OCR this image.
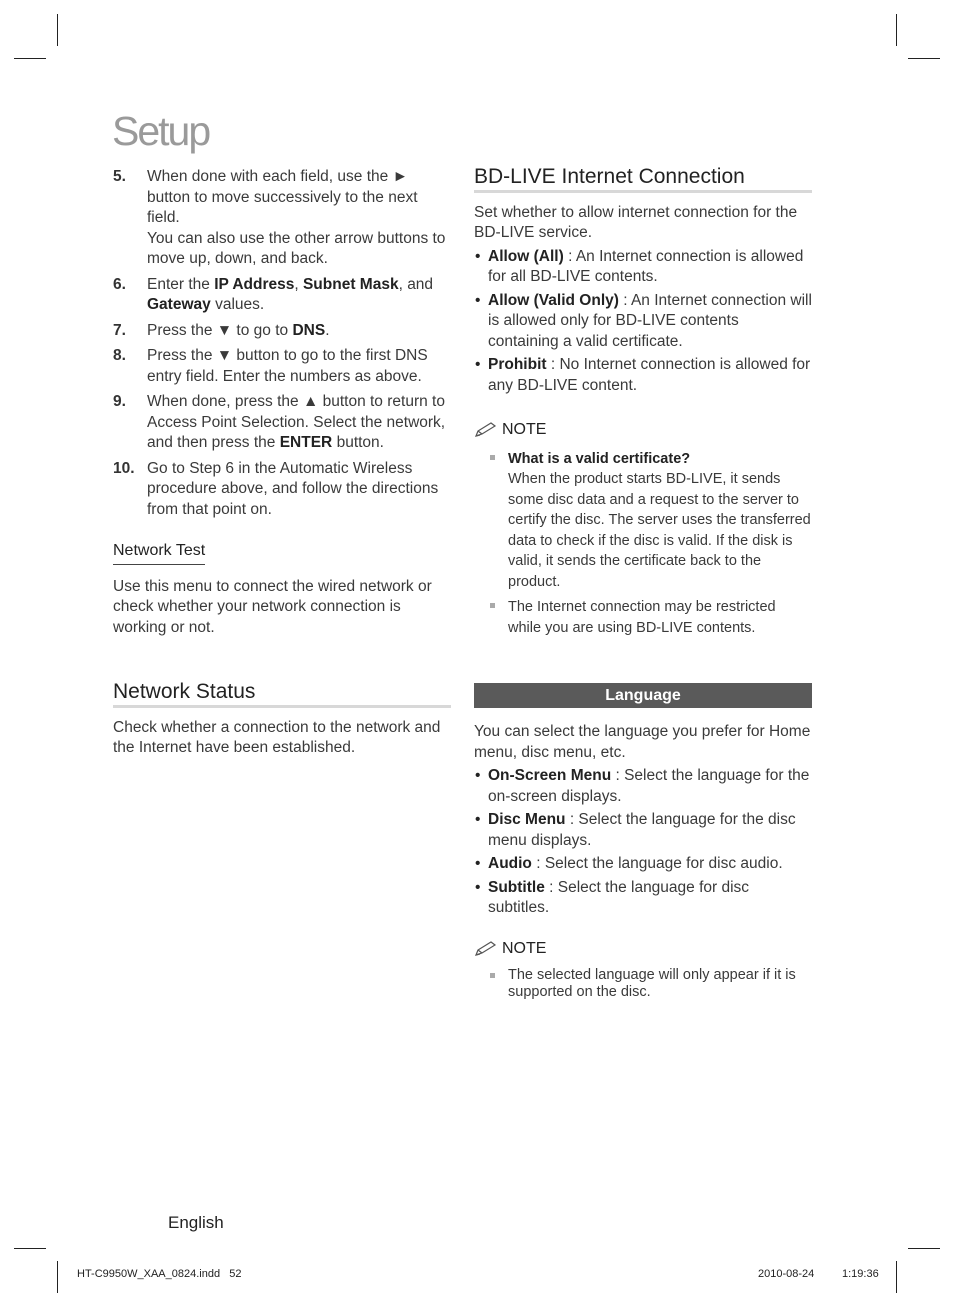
Setup
5.	When done with each field, use the ► button to move successively to the next field.
You can also use the other arrow buttons to move up, down, and back.
6.	Enter the IP Address, Subnet Mask, and Gateway values.
7.	Press the ▼ to go to DNS.
8.	Press the ▼ button to go to the first DNS entry field. Enter the numbers as above.
9.	When done, press the ▲ button to return to Access Point Selection. Select the network, and then press the ENTER button.
10. Go to Step 6 in the Automatic Wireless procedure above, and follow the directions from that point on.
Network Test
Use this menu to connect the wired network or check whether your network connection is working or not.
Network Status
Check whether a connection to the network and the Internet have been established.
BD-LIVE Internet Connection
Set whether to allow internet connection for the BD-LIVE service.
• Allow (All) : An Internet connection is allowed for all BD-LIVE contents.
• Allow (Valid Only) : An Internet connection will is allowed only for BD-LIVE contents containing a valid certificate.
• Prohibit : No Internet connection is allowed for any BD-LIVE content.
NOTE
What is a valid certificate?
When the product starts BD-LIVE, it sends some disc data and a request to the server to certify the disc. The server uses the transferred data to check if the disc is valid. If the disk is valid, it sends the certificate back to the product.
The Internet connection may be restricted while you are using BD-LIVE contents.
Language
You can select the language you prefer for Home menu, disc menu, etc.
• On-Screen Menu : Select the language for the on-screen displays.
• Disc Menu : Select the language for the disc menu displays.
• Audio : Select the language for disc audio.
• Subtitle : Select the language for disc subtitles.
NOTE
The selected language will only appear if it is supported on the disc.
English
HT-C9950W_XAA_0824.indd   52	2010-08-24	1:19:36
